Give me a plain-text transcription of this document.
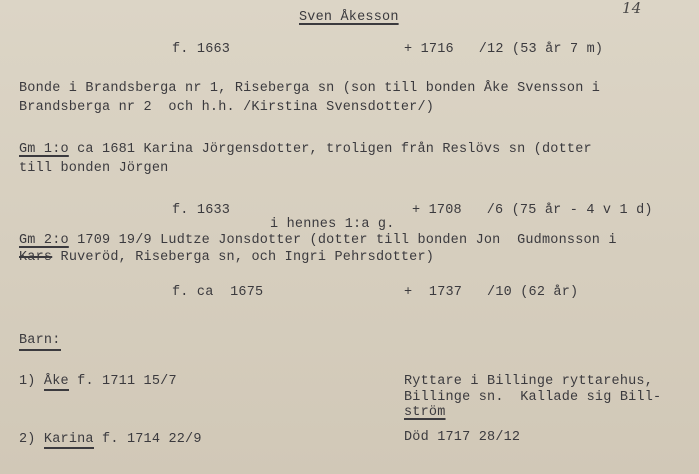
Sven Åkesson
14
f. 1663	+ 1716   /12 (53 år 7 m)
Bonde i Brandsberga nr 1, Riseberga sn (son till bonden Åke Svensson i
Brandsberga nr 2  och h.h. /Kirstina Svensdotter/)
Gm 1:o ca 1681 Karina Jörgensdotter, troligen från Reslövs sn (dotter
till bonden Jörgen
f. 1633	+ 1708   /6 (75 år - 4 v 1 d)
i hennes 1:a g.
Gm 2:o 1709 19/9 Ludtze Jonsdotter (dotter till bonden Jon  Gudmonsson i
Kars Ruveröd, Riseberga sn, och Ingri Pehrsdotter)
f. ca  1675	+  1737   /10 (62 år)
Barn:
1) Åke f. 1711 15/7	Ryttare i Billinge ryttarehus,
Billinge sn.  Kallade sig Bill-
ström
2) Karina f. 1714 22/9	Död 1717 28/12
